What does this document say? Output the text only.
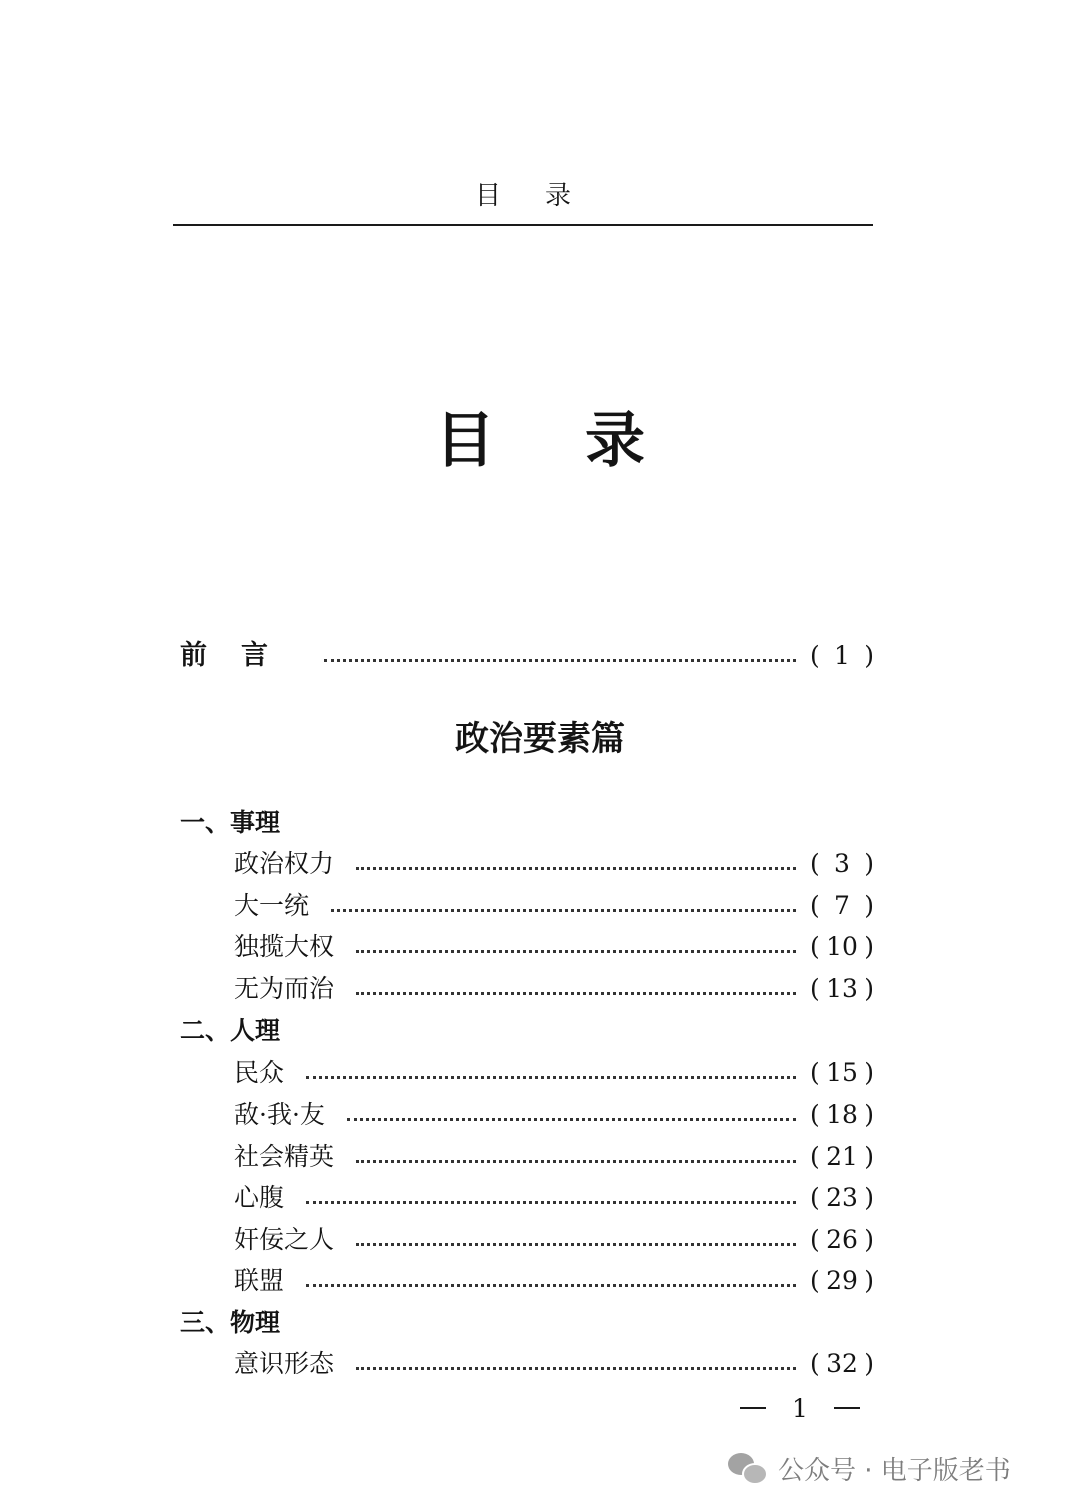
目录
目录
前言	( 1 )
政治要素篇
一、事理
政治权力	( 3 )
大一统	( 7 )
独揽大权	( 10 )
无为而治	( 13 )
二、人理
民众	( 15 )
敌·我·友	( 18 )
社会精英	( 21 )
心腹	( 23 )
奸佞之人	( 26 )
联盟	( 29 )
三、物理
意识形态	( 32 )
1
公众号 · 电子版老书
